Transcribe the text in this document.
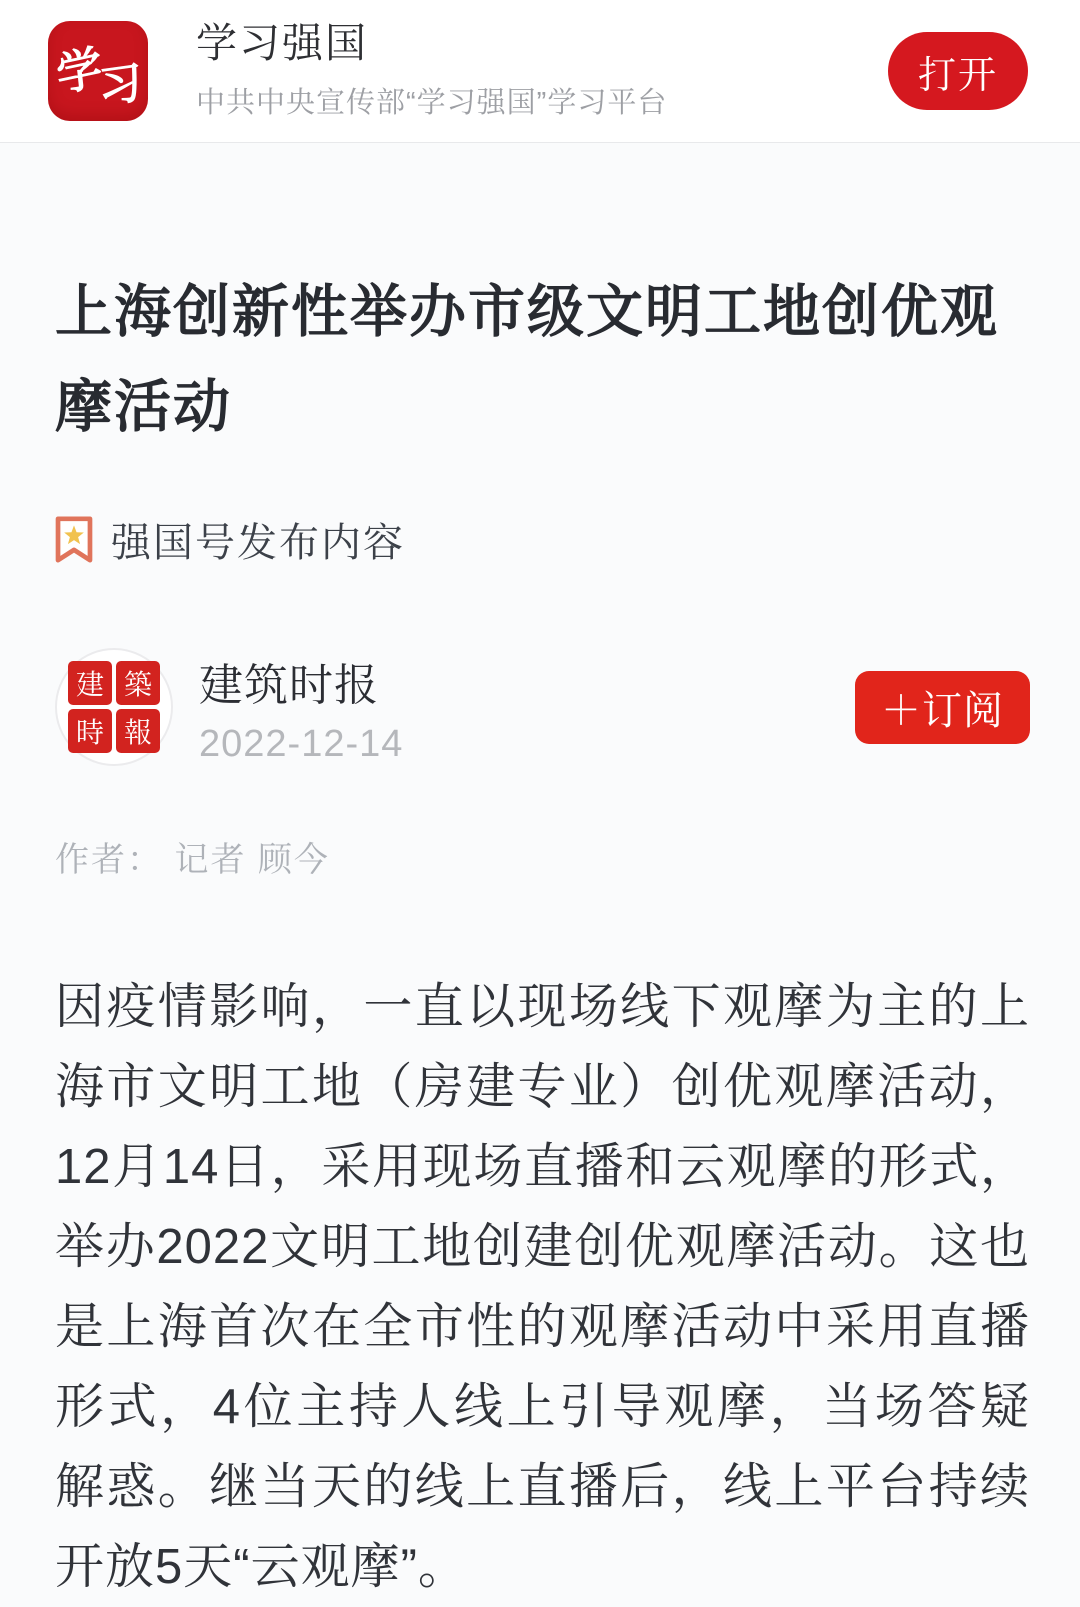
学
习
学习强国
中共中央宣传部“学习强国”学习平台
打开
上海创新性举办市级文明工地创优观摩活动
强国号发布内容
建 築
時 報
建筑时报
2022-12-14
＋订阅
作者： 记者 顾今

因疫情影响，一直以现场线下观摩为主的上海市文明工地（房建专业）创优观摩活动，12月14日，采用现场直播和云观摩的形式，举办2022文明工地创建创优观摩活动。这也是上海首次在全市性的观摩活动中采用直播形式，4位主持人线上引导观摩，当场答疑解惑。继当天的线上直播后，线上平台持续开放5天“云观摩”。
